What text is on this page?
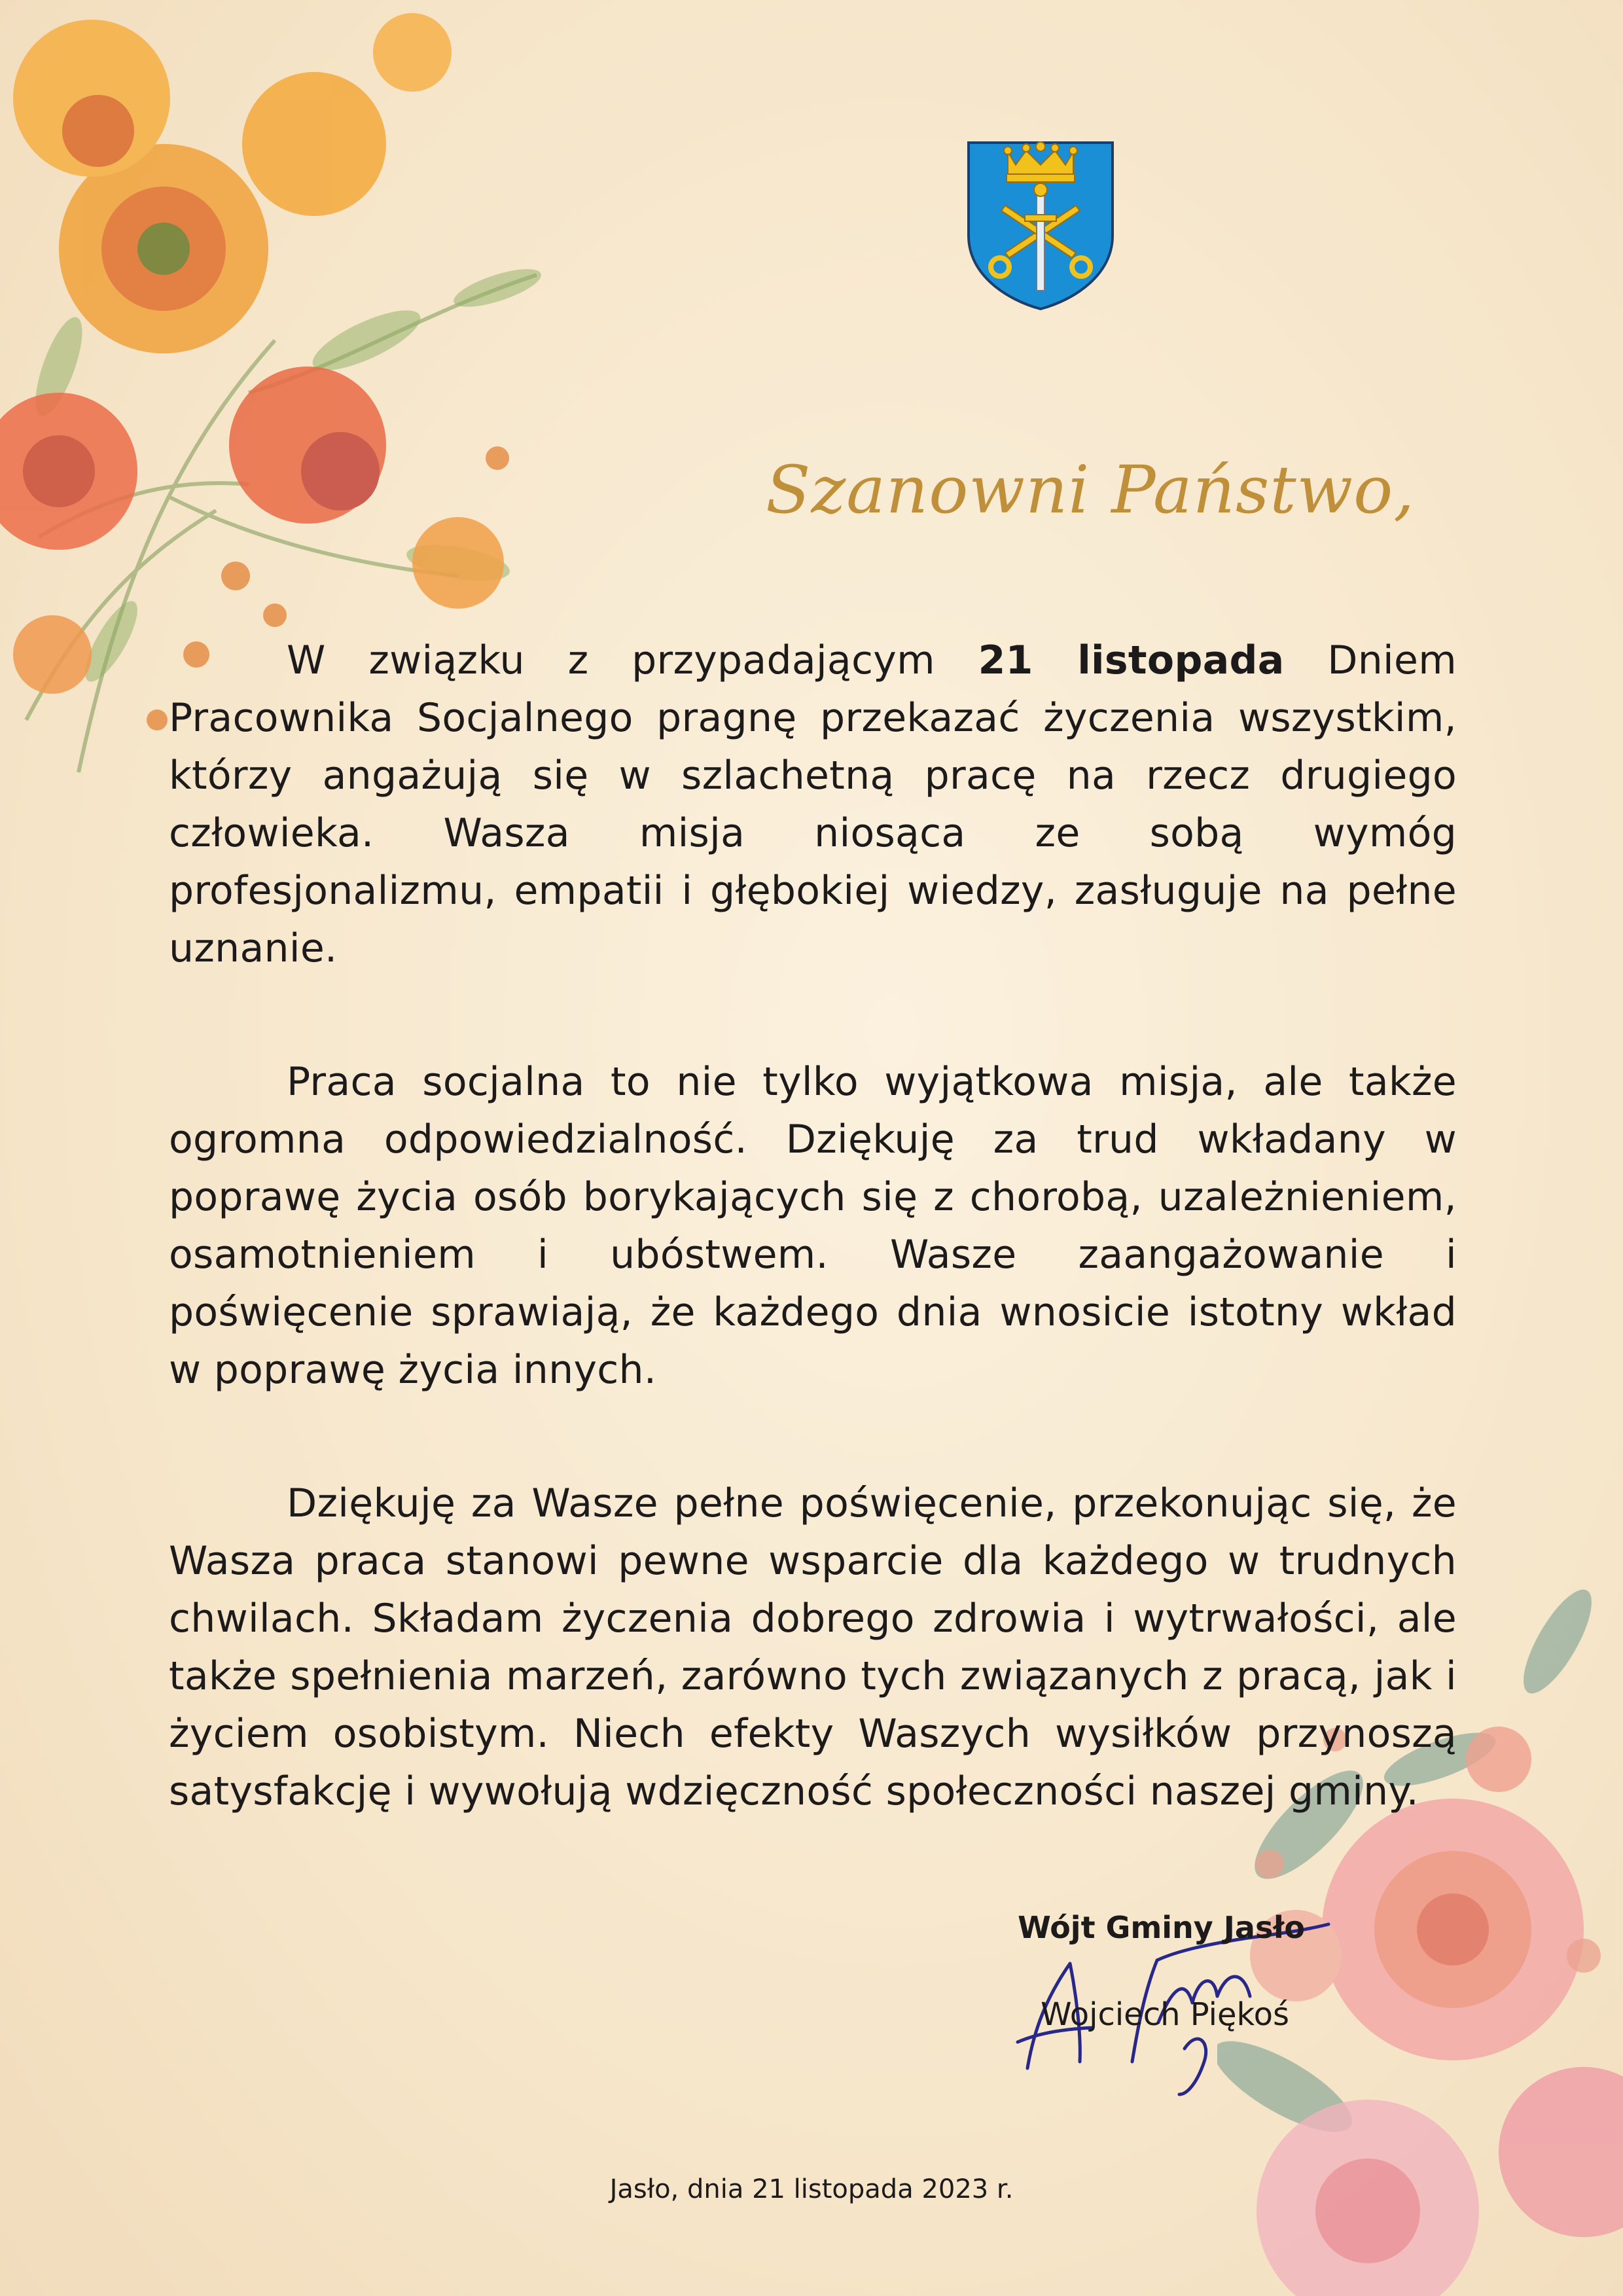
Szanowni Państwo,

W związku z przypadającym 21 listopada Dniem Pracownika Socjalnego pragnę przekazać życzenia wszystkim, którzy angażują się w szlachetną pracę na rzecz drugiego człowieka. Wasza misja niosąca ze sobą wymóg profesjonalizmu, empatii i głębokiej wiedzy, zasługuje na pełne uznanie.

Praca socjalna to nie tylko wyjątkowa misja, ale także ogromna odpowiedzialność. Dziękuję za trud wkładany w poprawę życia osób borykających się z chorobą, uzależnieniem, osamotnieniem i ubóstwem. Wasze zaangażowanie i poświęcenie sprawiają, że każdego dnia wnosicie istotny wkład w poprawę życia innych.

Dziękuję za Wasze pełne poświęcenie, przekonując się, że Wasza praca stanowi pewne wsparcie dla każdego w trudnych chwilach. Składam życzenia dobrego zdrowia i wytrwałości, ale także spełnienia marzeń, zarówno tych związanych z pracą, jak i życiem osobistym. Niech efekty Waszych wysiłków przynoszą satysfakcję i wywołują wdzięczność społeczności naszej gminy.

Wójt Gminy Jasło
Wojciech Piękoś
Jasło, dnia 21 listopada 2023 r.
